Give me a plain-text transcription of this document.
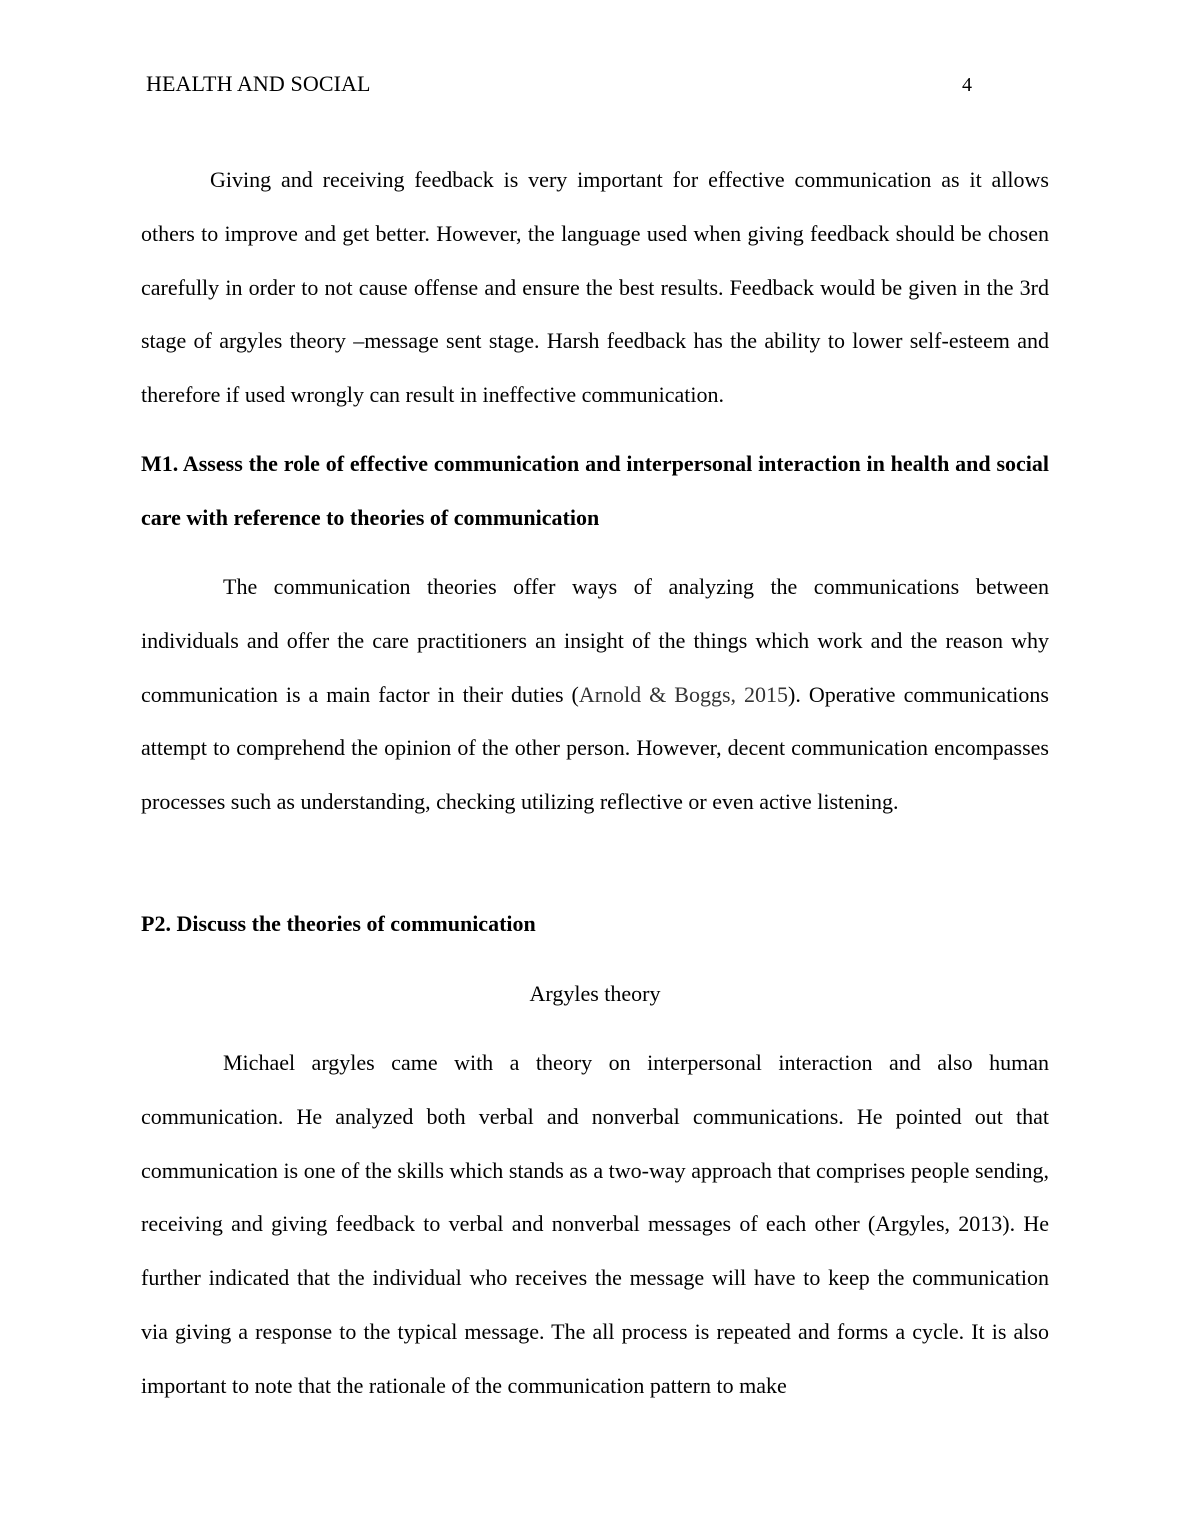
HEALTH AND SOCIAL	4

Giving and receiving feedback is very important for effective communication as it allows others to improve and get better. However, the language used when giving feedback should be chosen carefully in order to not cause offense and ensure the best results. Feedback would be given in the 3rd stage of argyles theory –message sent stage. Harsh feedback has the ability to lower self-esteem and therefore if used wrongly can result in ineffective communication.

M1. Assess the role of effective communication and interpersonal interaction in health and social care with reference to theories of communication

The communication theories offer ways of analyzing the communications between individuals and offer the care practitioners an insight of the things which work and the reason why communication is a main factor in their duties (Arnold & Boggs, 2015). Operative communications attempt to comprehend the opinion of the other person. However, decent communication encompasses processes such as understanding, checking utilizing reflective or even active listening.

P2. Discuss the theories of communication

Argyles theory

Michael argyles came with a theory on interpersonal interaction and also human communication. He analyzed both verbal and nonverbal communications. He pointed out that communication is one of the skills which stands as a two-way approach that comprises people sending, receiving and giving feedback to verbal and nonverbal messages of each other (Argyles, 2013). He further indicated that the individual who receives the message will have to keep the communication via giving a response to the typical message. The all process is repeated and forms a cycle. It is also important to note that the rationale of the communication pattern to make
